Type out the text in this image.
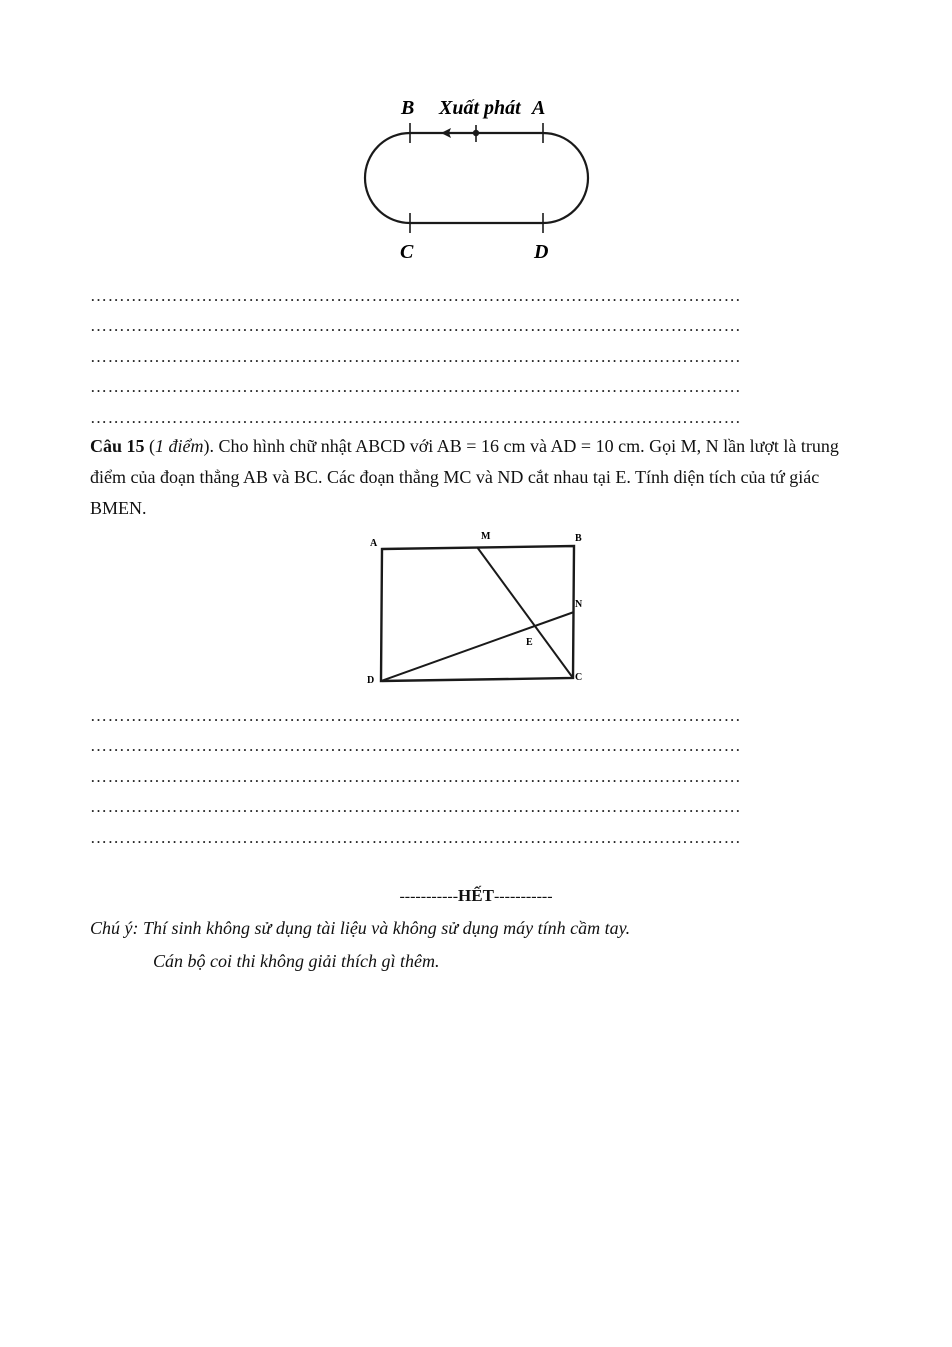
B Xuất phát A
C	D
…………………………………………………………………………………………………
…………………………………………………………………………………………………
…………………………………………………………………………………………………
…………………………………………………………………………………………………
…………………………………………………………………………………………………
Câu 15 (1 điểm). Cho hình chữ nhật ABCD với AB = 16 cm và AD = 10 cm. Gọi M, N lần lượt là trung điểm của đoạn thẳng AB và BC. Các đoạn thẳng MC và ND cắt nhau tại E. Tính diện tích của tứ giác BMEN.
A
M	B
N
E
D	C
…………………………………………………………………………………………………
…………………………………………………………………………………………………
…………………………………………………………………………………………………
…………………………………………………………………………………………………
…………………………………………………………………………………………………
-----------HẾT-----------
Chú ý: Thí sinh không sử dụng tài liệu và không sử dụng máy tính cầm tay.
Cán bộ coi thi không giải thích gì thêm.
